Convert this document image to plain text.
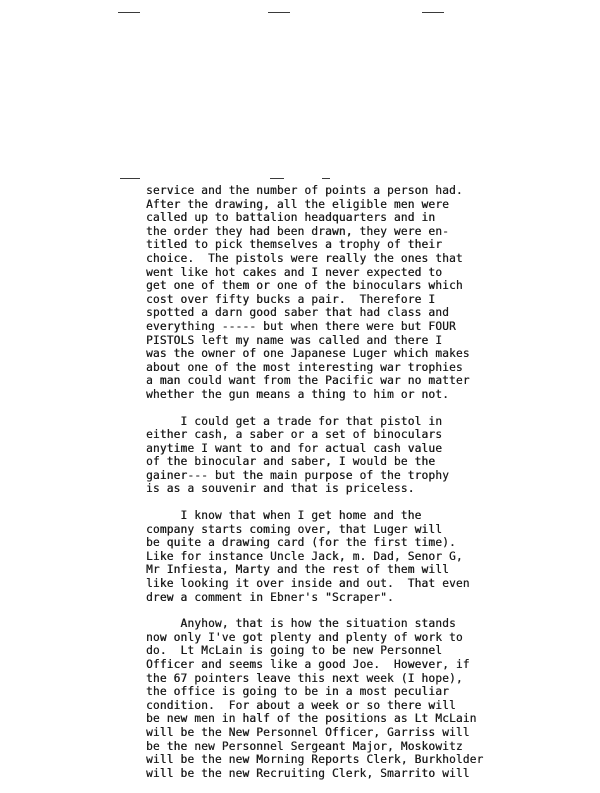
service and the number of points a person had.
After the drawing, all the eligible men were
called up to battalion headquarters and in
the order they had been drawn, they were en-
titled to pick themselves a trophy of their
choice.  The pistols were really the ones that
went like hot cakes and I never expected to
get one of them or one of the binoculars which
cost over fifty bucks a pair.  Therefore I
spotted a darn good saber that had class and
everything ----- but when there were but FOUR
PISTOLS left my name was called and there I
was the owner of one Japanese Luger which makes
about one of the most interesting war trophies
a man could want from the Pacific war no matter
whether the gun means a thing to him or not.
I could get a trade for that pistol in
either cash, a saber or a set of binoculars
anytime I want to and for actual cash value
of the binocular and saber, I would be the
gainer--- but the main purpose of the trophy
is as a souvenir and that is priceless.
I know that when I get home and the
company starts coming over, that Luger will
be quite a drawing card (for the first time).
Like for instance Uncle Jack, m. Dad, Senor G,
Mr Infiesta, Marty and the rest of them will
like looking it over inside and out.  That even
drew a comment in Ebner's "Scraper".
Anyhow, that is how the situation stands
now only I've got plenty and plenty of work to
do.  Lt McLain is going to be new Personnel
Officer and seems like a good Joe.  However, if
the 67 pointers leave this next week (I hope),
the office is going to be in a most peculiar
condition.  For about a week or so there will
be new men in half of the positions as Lt McLain
will be the New Personnel Officer, Garriss will
be the new Personnel Sergeant Major, Moskowitz
will be the new Morning Reports Clerk, Burkholder
will be the new Recruiting Clerk, Smarrito will
